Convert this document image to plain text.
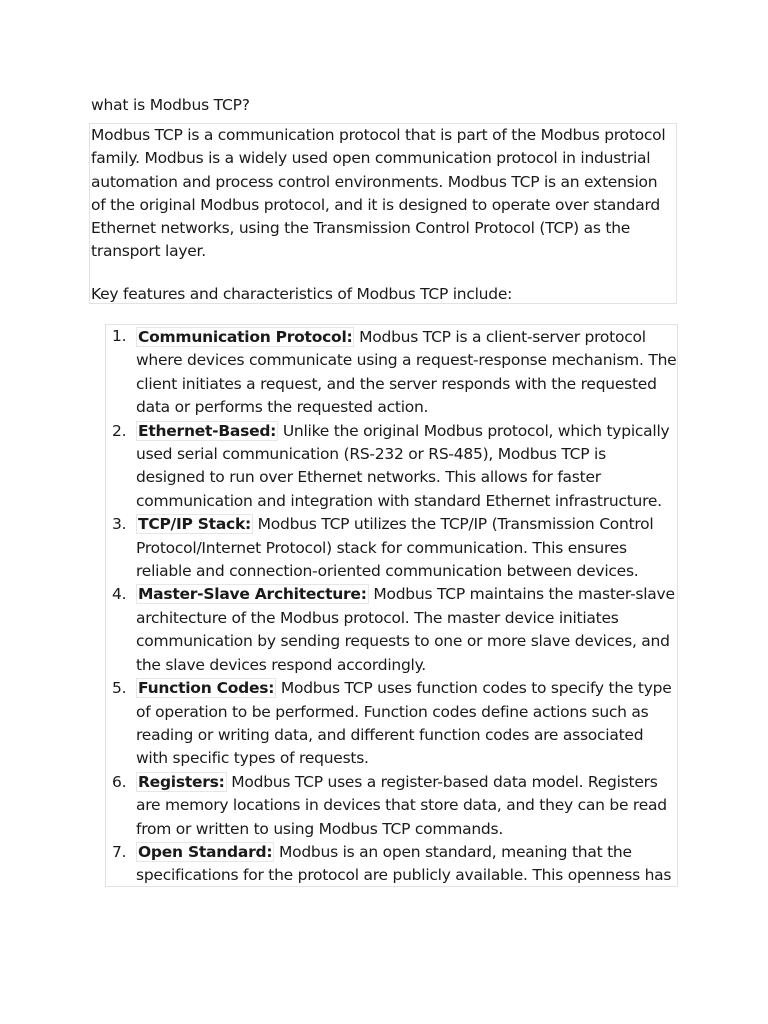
what is Modbus TCP?

Modbus TCP is a communication protocol that is part of the Modbus protocol family. Modbus is a widely used open communication protocol in industrial automation and process control environments. Modbus TCP is an extension of the original Modbus protocol, and it is designed to operate over standard Ethernet networks, using the Transmission Control Protocol (TCP) as the transport layer.

Key features and characteristics of Modbus TCP include:

1. Communication Protocol: Modbus TCP is a client-server protocol where devices communicate using a request-response mechanism. The client initiates a request, and the server responds with the requested data or performs the requested action.
2. Ethernet-Based: Unlike the original Modbus protocol, which typically used serial communication (RS-232 or RS-485), Modbus TCP is designed to run over Ethernet networks. This allows for faster communication and integration with standard Ethernet infrastructure.
3. TCP/IP Stack: Modbus TCP utilizes the TCP/IP (Transmission Control Protocol/Internet Protocol) stack for communication. This ensures reliable and connection-oriented communication between devices.
4. Master-Slave Architecture: Modbus TCP maintains the master-slave architecture of the Modbus protocol. The master device initiates communication by sending requests to one or more slave devices, and the slave devices respond accordingly.
5. Function Codes: Modbus TCP uses function codes to specify the type of operation to be performed. Function codes define actions such as reading or writing data, and different function codes are associated with specific types of requests.
6. Registers: Modbus TCP uses a register-based data model. Registers are memory locations in devices that store data, and they can be read from or written to using Modbus TCP commands.
7. Open Standard: Modbus is an open standard, meaning that the specifications for the protocol are publicly available. This openness has
